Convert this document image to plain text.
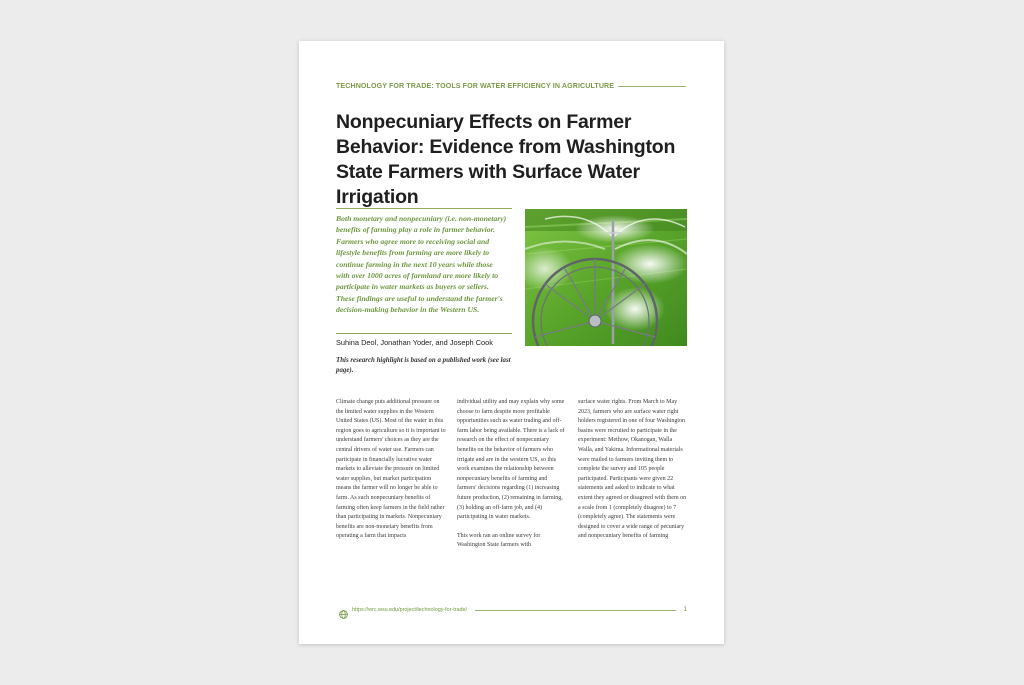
TECHNOLOGY FOR TRADE: TOOLS FOR WATER EFFICIENCY IN AGRICULTURE
Nonpecuniary Effects on Farmer Behavior: Evidence from Washington State Farmers with Surface Water Irrigation

Both monetary and nonpecuniary (i.e. non-monetary) benefits of farming play a role in farmer behavior. Farmers who agree more to receiving social and lifestyle benefits from farming are more likely to continue farming in the next 10 years while those with over 1000 acres of farmland are more likely to participate in water markets as buyers or sellers. These findings are useful to understand the farmer's decision-making behavior in the Western US.

Suhina Deol, Jonathan Yoder, and Joseph Cook
This research highlight is based on a published work (see last page).

Climate change puts additional pressure on the limited water supplies in the Western United States (US). Most of the water in this region goes to agriculture so it is important to understand farmers' choices as they are the central drivers of water use. Farmers can participate in financially lucrative water markets to alleviate the pressure on limited water supplies, but market participation means the farmer will no longer be able to farm. As such nonpecuniary benefits of farming often keep farmers in the field rather than participating in markets. Nonpecuniary benefits are non-monetary benefits from operating a farm that impacts

individual utility and may explain why some choose to farm despite more profitable opportunities such as water trading and off-farm labor being available. There is a lack of research on the effect of nonpecuniary benefits on the behavior of farmers who irrigate and are in the western US, so this work examines the relationship between nonpecuniary benefits of farming and farmers' decisions regarding (1) increasing future production, (2) remaining in farming, (3) holding an off-farm job, and (4) participating in water markets.

This work ran an online survey for Washington State farmers with

surface water rights. From March to May 2023, farmers who are surface water right holders registered in one of four Washington basins were recruited to participate in the experiment: Methow, Okanogan, Walla Walla, and Yakima. Informational materials were mailed to farmers inviting them to complete the survey and 105 people participated. Participants were given 22 statements and asked to indicate to what extent they agreed or disagreed with them on a scale from 1 (completely disagree) to 7 (completely agree). The statements were designed to cover a wide range of pecuniary and nonpecuniary benefits of farming

https://wrc.wsu.edu/project/technology-for-trade/	1
